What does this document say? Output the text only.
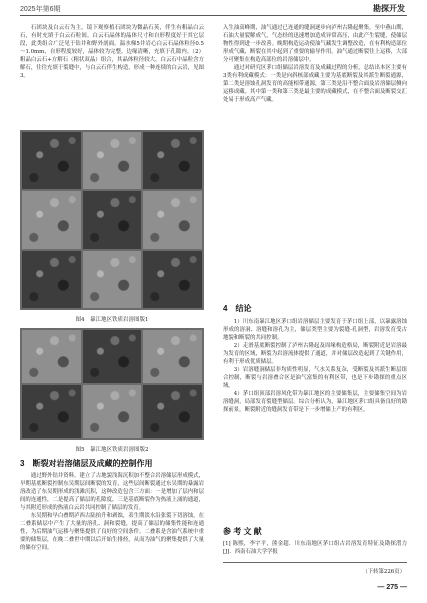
2025年第6期	勘探开发

石团块及白云石为主，镜下观察植石团块为微晶石英，伴生有粗晶白云石，有时充填于白云石粒间。白云石晶体的晶体尺寸和自形程度好于其它层段，此类组合广泛见于钻井和野外剖面。温水梯5井岩心白云石晶体粒径0.5～1.0mm，自形程度较好，晶体较为完整，边缘清晰，充填于孔隙内。（2）粗晶白云石+方解石（粗状双晶）组合，其晶体粒径较大，白云石中晶粒含方解石，往往充填于裂缝中，与白云石伴生构造，形成一种连续的白云岩，见图3。

图4　暴江地区铁质岩溶图版1
图5　暴江地区铁质岩溶图版2
3　断裂对岩溶储层及成藏的控制作用

通过野外钻井资料，建立了古地貌浅海沉积加不整合岩溶储层形成模式，早期基底断裂控制东吴期层间断裂的发育，这些层间断裂通过东吴期的暴露岩溶改造了东吴期形成的浅滩沉积，这种改造包含三方面：一是增加了层内和层间的连通性，二是提高了储层的孔隙度，三是基底断裂作为热液上涌的通道，与其附近形成的热液白云岩共同控制了储层的发育。

东吴期和早白叠期泸西古陆抬升和剥蚀，表生期淡水沿张裂下切溶蚀，在二叠系储层中产生了大量的溶孔、洞和裂缝，提高了储层的储集性能和连通性，为后期油气运移与聚集提供了良好的空间条件。二叠系是含油气系统中重要的储集层，在晚二叠世中期以后开始生排烃，从而为油气的聚集提供了大量的储存空间。

入生油高峰期，油气通过已连通的缝洞逐步向泸州古隆起聚集。至中燕山期，石油大量裂解成气，气态烃的迅速增加造成异常高压，由此产生裂缝，使储层物性得到进一步改善。晚期构造运动使油气藏发生调整改造，在有利构造部位形成气藏，断裂在其中起到了重要的输导作用。油气通过断裂往上运移，大部分可聚集在构造高部位的岩溶储层中。

通过对研究区茅口组储层岩溶发育及成藏过程的分析，总结出本区主要有3类有利成藏模式：一类是向斜核部成藏主要为基底断裂及其派生断裂通源，第二类是溶蚀孔洞发育的高能相带通源，第三类是沿不整合面及岩溶储层侧向运移成藏。其中第一类和第三类是最主要的成藏模式，在不整合面及断裂交汇处易于形成高产气藏。

4　结论

1）川东南暴江地区茅口组岩溶储层主要发育于茅口组上部，以暴露溶蚀形成的溶洞、溶缝和溶孔为主，储层类型主要为裂缝-孔洞型，岩溶发育受古地貌和断裂的共同控制。

2）走滑基底断裂控制了泸州古隆起及周缘构造格局，断裂附近是岩溶最为发育的区域，断裂为岩溶流体提供了通道，并对储层改造起到了关键作用，有利于形成优质储层。

3）岩溶缝洞储层非均质性明显，气水关系复杂，受断裂及其派生断层组合控制，断裂与岩溶叠合区是油气富集的有利区带，也是下步勘探的重点区域。

4）茅口组顶部岩溶风化带为暴江地区的主要储集层，主要储集空间为岩溶缝洞，局部发育裂缝型储层。综合分析认为，暴江地区茅口组具备良好的勘探前景，断裂附近的缝洞发育带是下一步增储上产的有利区。

参 考 文 献

[1] 陈熙，李宇平，熊金超．川东南地区茅口组古岩溶发育特征及勘探潜力[J]．西南石油大学学报

（下转第226页）
— 275 —
